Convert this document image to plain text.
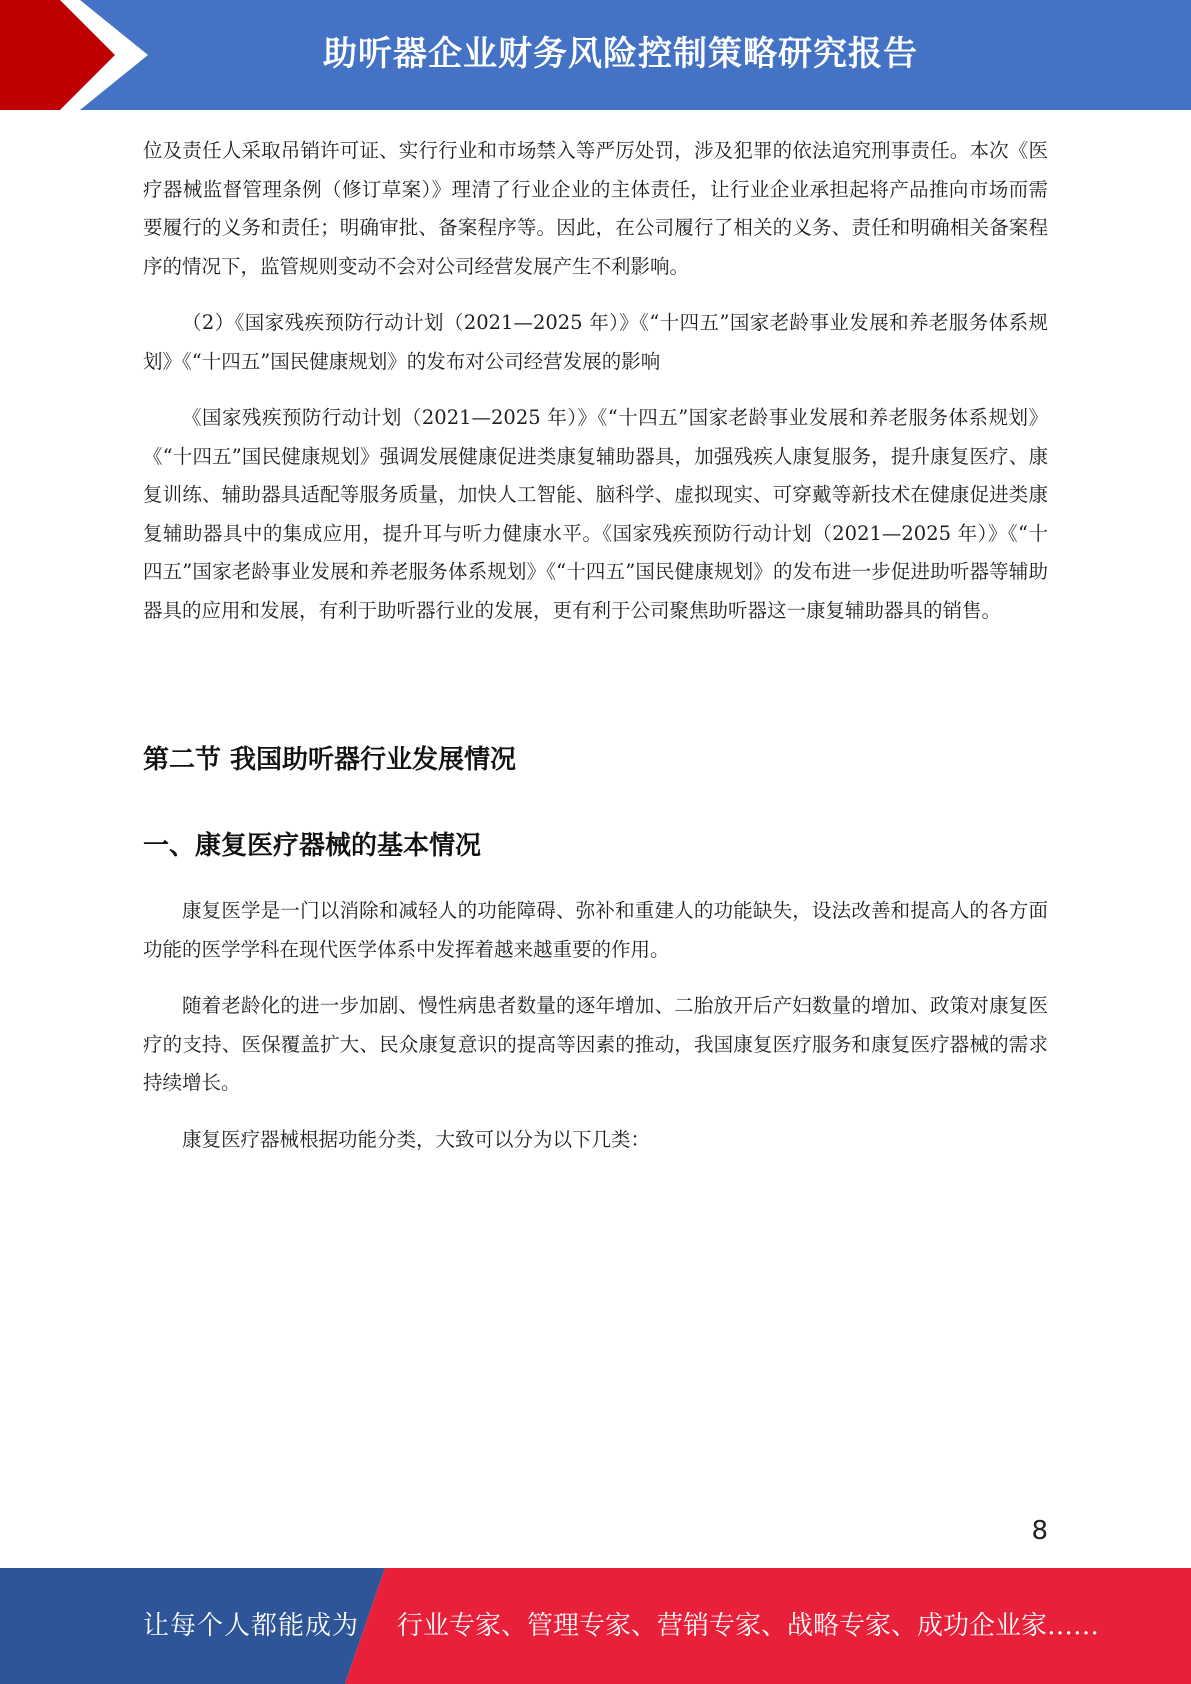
助听器企业财务风险控制策略研究报告

位及责任人采取吊销许可证、实行行业和市场禁入等严厉处罚，涉及犯罪的依法追究刑事责任。本次《医疗器械监督管理条例（修订草案）》理清了行业企业的主体责任，让行业企业承担起将产品推向市场而需要履行的义务和责任；明确审批、备案程序等。因此，在公司履行了相关的义务、责任和明确相关备案程序的情况下，监管规则变动不会对公司经营发展产生不利影响。

（2）《国家残疾预防行动计划（2021—2025 年）》《“十四五”国家老龄事业发展和养老服务体系规划》《“十四五”国民健康规划》的发布对公司经营发展的影响

《国家残疾预防行动计划（2021—2025 年）》《“十四五”国家老龄事业发展和养老服务体系规划》《“十四五”国民健康规划》强调发展健康促进类康复辅助器具，加强残疾人康复服务，提升康复医疗、康复训练、辅助器具适配等服务质量，加快人工智能、脑科学、虚拟现实、可穿戴等新技术在健康促进类康复辅助器具中的集成应用，提升耳与听力健康水平。《国家残疾预防行动计划（2021—2025 年）》《“十四五”国家老龄事业发展和养老服务体系规划》《“十四五”国民健康规划》的发布进一步促进助听器等辅助器具的应用和发展，有利于助听器行业的发展，更有利于公司聚焦助听器这一康复辅助器具的销售。

第二节 我国助听器行业发展情况
一、康复医疗器械的基本情况

康复医学是一门以消除和减轻人的功能障碍、弥补和重建人的功能缺失，设法改善和提高人的各方面功能的医学学科在现代医学体系中发挥着越来越重要的作用。

随着老龄化的进一步加剧、慢性病患者数量的逐年增加、二胎放开后产妇数量的增加、政策对康复医疗的支持、医保覆盖扩大、民众康复意识的提高等因素的推动，我国康复医疗服务和康复医疗器械的需求持续增长。

康复医疗器械根据功能分类，大致可以分为以下几类：

8
让每个人都能成为 行业专家、管理专家、营销专家、战略专家、成功企业家……
